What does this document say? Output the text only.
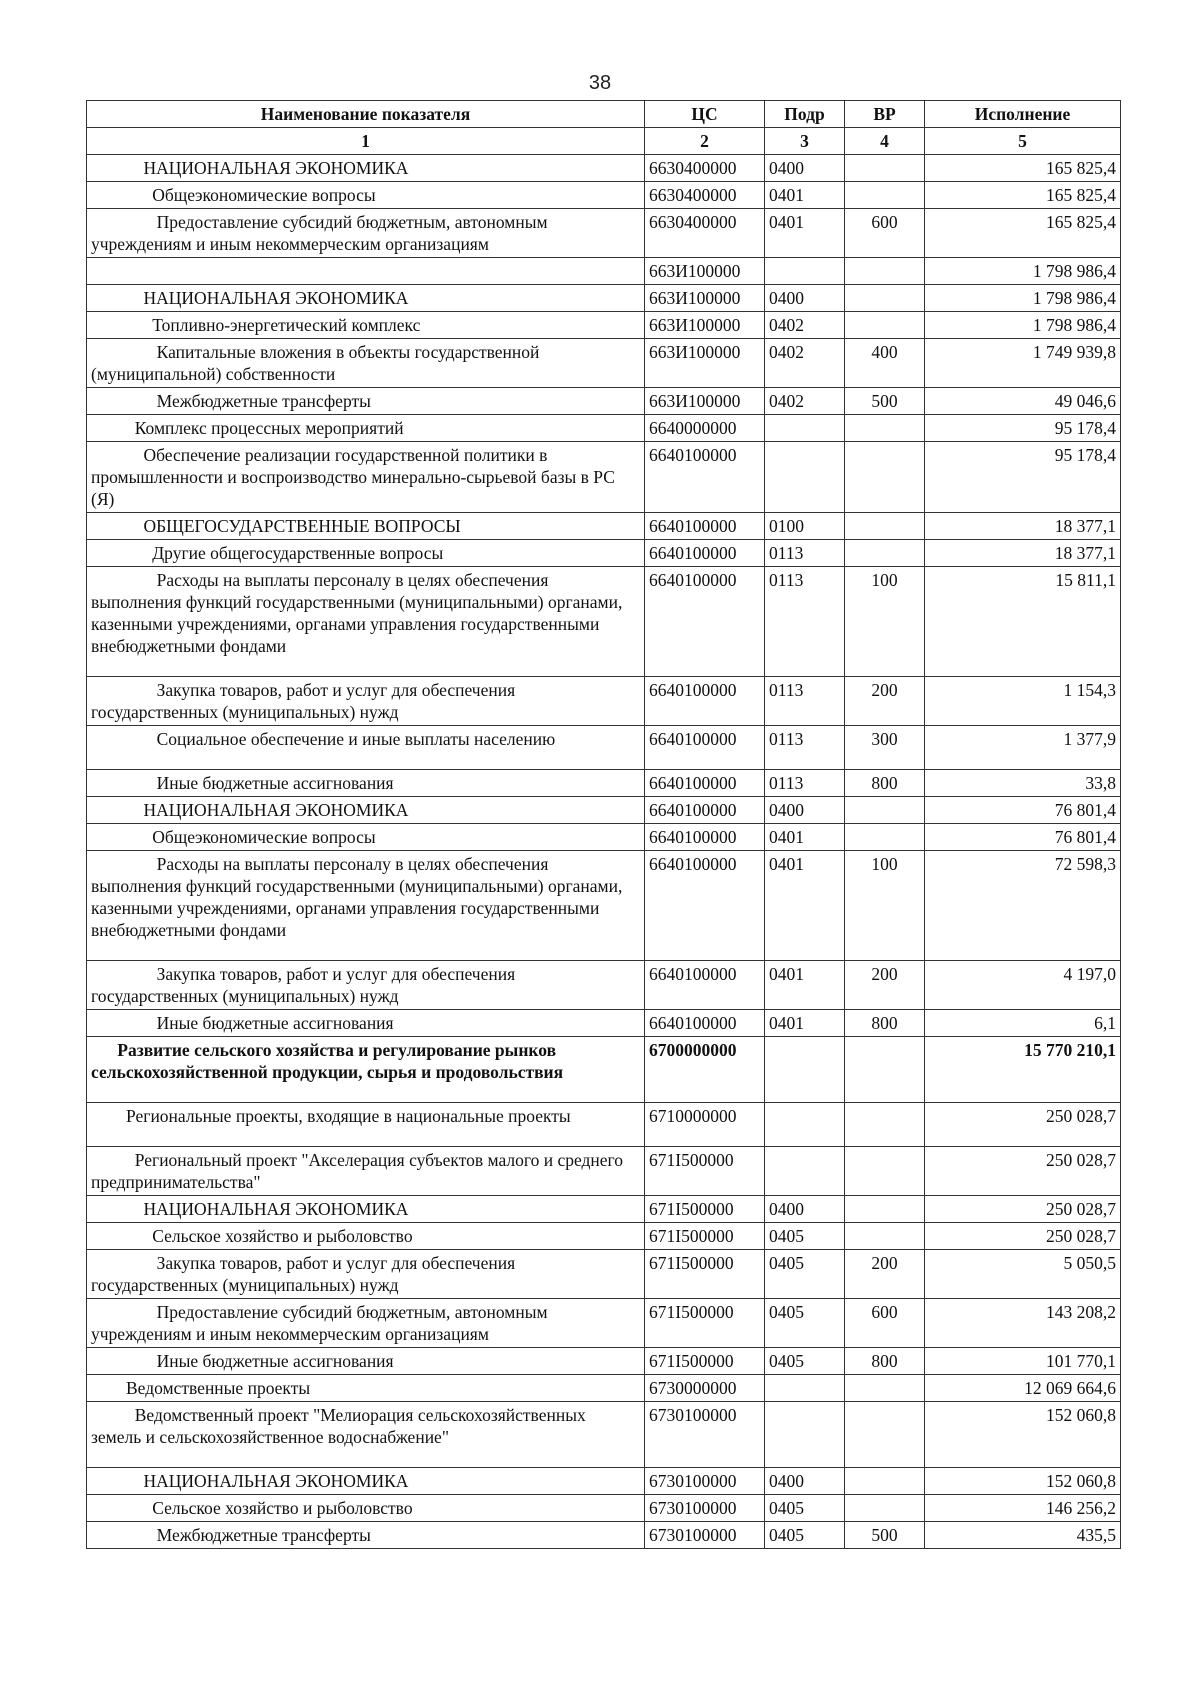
38
Наименование показателя	ЦС	Подр	ВР	Исполнение
1	2	3	4	5
НАЦИОНАЛЬНАЯ ЭКОНОМИКА	6630400000	0400		165 825,4
Общеэкономические вопросы	6630400000	0401		165 825,4
Предоставление субсидий бюджетным, автономным учреждениям и иным некоммерческим организациям	6630400000	0401	600	165 825,4
	663И100000			1 798 986,4
НАЦИОНАЛЬНАЯ ЭКОНОМИКА	663И100000	0400		1 798 986,4
Топливно-энергетический комплекс	663И100000	0402		1 798 986,4
Капитальные вложения в объекты государственной (муниципальной) собственности	663И100000	0402	400	1 749 939,8
Межбюджетные трансферты	663И100000	0402	500	49 046,6
Комплекс процессных мероприятий	6640000000			95 178,4
Обеспечение реализации государственной политики в промышленности и воспроизводство минерально-сырьевой базы в РС (Я)	6640100000			95 178,4
ОБЩЕГОСУДАРСТВЕННЫЕ ВОПРОСЫ	6640100000	0100		18 377,1
Другие общегосударственные вопросы	6640100000	0113		18 377,1
Расходы на выплаты персоналу в целях обеспечения выполнения функций государственными (муниципальными) органами, казенными учреждениями, органами управления государственными внебюджетными фондами	6640100000	0113	100	15 811,1
Закупка товаров, работ и услуг для обеспечения государственных (муниципальных) нужд	6640100000	0113	200	1 154,3
Социальное обеспечение и иные выплаты населению	6640100000	0113	300	1 377,9
Иные бюджетные ассигнования	6640100000	0113	800	33,8
НАЦИОНАЛЬНАЯ ЭКОНОМИКА	6640100000	0400		76 801,4
Общеэкономические вопросы	6640100000	0401		76 801,4
Расходы на выплаты персоналу в целях обеспечения выполнения функций государственными (муниципальными) органами, казенными учреждениями, органами управления государственными внебюджетными фондами	6640100000	0401	100	72 598,3
Закупка товаров, работ и услуг для обеспечения государственных (муниципальных) нужд	6640100000	0401	200	4 197,0
Иные бюджетные ассигнования	6640100000	0401	800	6,1
Развитие сельского хозяйства и регулирование рынков сельскохозяйственной продукции, сырья и продовольствия	6700000000			15 770 210,1
Региональные проекты, входящие в национальные проекты	6710000000			250 028,7
Региональный проект "Акселерация субъектов малого и среднего предпринимательства"	671I500000			250 028,7
НАЦИОНАЛЬНАЯ ЭКОНОМИКА	671I500000	0400		250 028,7
Сельское хозяйство и рыболовство	671I500000	0405		250 028,7
Закупка товаров, работ и услуг для обеспечения государственных (муниципальных) нужд	671I500000	0405	200	5 050,5
Предоставление субсидий бюджетным, автономным учреждениям и иным некоммерческим организациям	671I500000	0405	600	143 208,2
Иные бюджетные ассигнования	671I500000	0405	800	101 770,1
Ведомственные проекты	6730000000			12 069 664,6
Ведомственный проект "Мелиорация сельскохозяйственных земель и сельскохозяйственное водоснабжение"	6730100000			152 060,8
НАЦИОНАЛЬНАЯ ЭКОНОМИКА	6730100000	0400		152 060,8
Сельское хозяйство и рыболовство	6730100000	0405		146 256,2
Межбюджетные трансферты	6730100000	0405	500	435,5
